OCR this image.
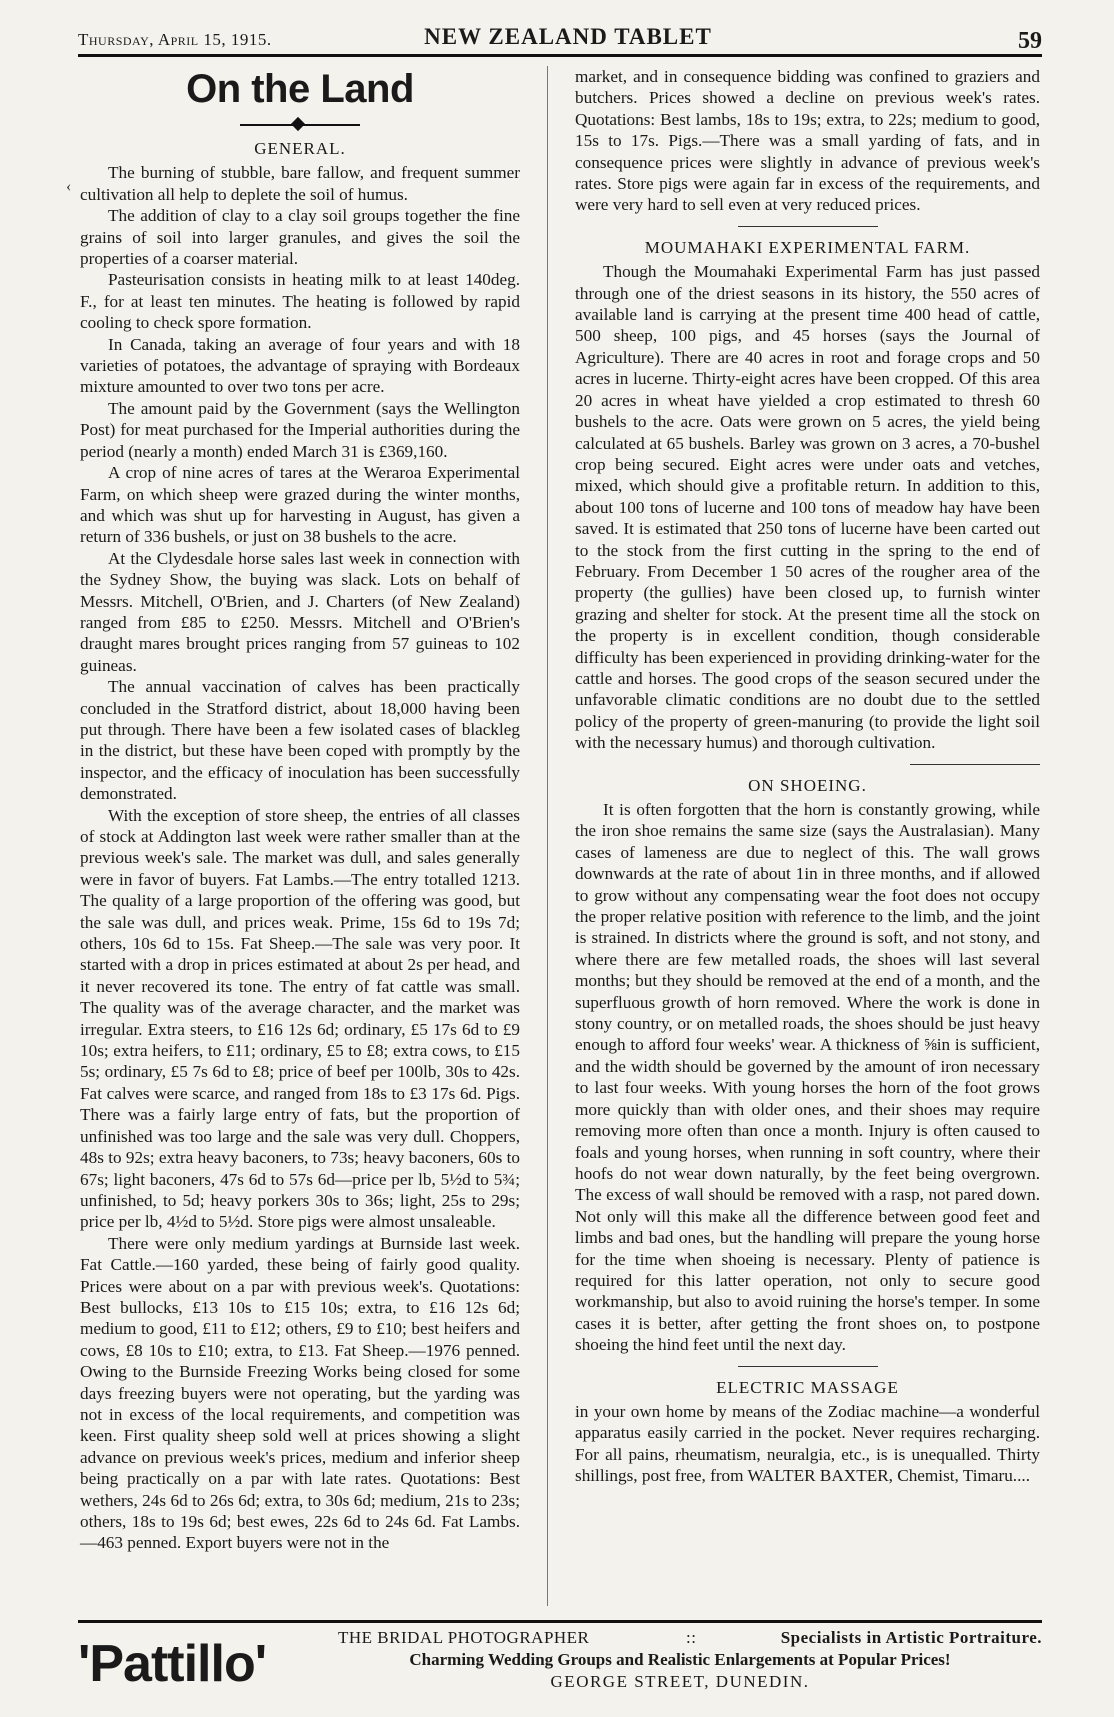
Thursday, April 15, 1915.	NEW ZEALAND TABLET	59
On the Land
GENERAL.

The burning of stubble, bare fallow, and frequent summer cultivation all help to deplete the soil of humus.

The addition of clay to a clay soil groups together the fine grains of soil into larger granules, and gives the soil the properties of a coarser material.

Pasteurisation consists in heating milk to at least 140deg. F., for at least ten minutes. The heating is followed by rapid cooling to check spore formation.

In Canada, taking an average of four years and with 18 varieties of potatoes, the advantage of spraying with Bordeaux mixture amounted to over two tons per acre.

The amount paid by the Government (says the Wellington Post) for meat purchased for the Imperial authorities during the period (nearly a month) ended March 31 is £369,160.

A crop of nine acres of tares at the Weraroa Experimental Farm, on which sheep were grazed during the winter months, and which was shut up for harvesting in August, has given a return of 336 bushels, or just on 38 bushels to the acre.

At the Clydesdale horse sales last week in connection with the Sydney Show, the buying was slack. Lots on behalf of Messrs. Mitchell, O'Brien, and J. Charters (of New Zealand) ranged from £85 to £250. Messrs. Mitchell and O'Brien's draught mares brought prices ranging from 57 guineas to 102 guineas.

The annual vaccination of calves has been practically concluded in the Stratford district, about 18,000 having been put through. There have been a few isolated cases of blackleg in the district, but these have been coped with promptly by the inspector, and the efficacy of inoculation has been successfully demonstrated.

With the exception of store sheep, the entries of all classes of stock at Addington last week were rather smaller than at the previous week's sale. The market was dull, and sales generally were in favor of buyers. Fat Lambs.—The entry totalled 1213. The quality of a large proportion of the offering was good, but the sale was dull, and prices weak. Prime, 15s 6d to 19s 7d; others, 10s 6d to 15s. Fat Sheep.—The sale was very poor. It started with a drop in prices estimated at about 2s per head, and it never recovered its tone. The entry of fat cattle was small. The quality was of the average character, and the market was irregular. Extra steers, to £16 12s 6d; ordinary, £5 17s 6d to £9 10s; extra heifers, to £11; ordinary, £5 to £8; extra cows, to £15 5s; ordinary, £5 7s 6d to £8; price of beef per 100lb, 30s to 42s. Fat calves were scarce, and ranged from 18s to £3 17s 6d. Pigs. There was a fairly large entry of fats, but the proportion of unfinished was too large and the sale was very dull. Choppers, 48s to 92s; extra heavy baconers, to 73s; heavy baconers, 60s to 67s; light baconers, 47s 6d to 57s 6d—price per lb, 5½d to 5¾; unfinished, to 5d; heavy porkers 30s to 36s; light, 25s to 29s; price per lb, 4½d to 5½d. Store pigs were almost unsaleable.

There were only medium yardings at Burnside last week. Fat Cattle.—160 yarded, these being of fairly good quality. Prices were about on a par with previous week's. Quotations: Best bullocks, £13 10s to £15 10s; extra, to £16 12s 6d; medium to good, £11 to £12; others, £9 to £10; best heifers and cows, £8 10s to £10; extra, to £13. Fat Sheep.—1976 penned. Owing to the Burnside Freezing Works being closed for some days freezing buyers were not operating, but the yarding was not in excess of the local requirements, and competition was keen. First quality sheep sold well at prices showing a slight advance on previous week's prices, medium and inferior sheep being practically on a par with late rates. Quotations: Best wethers, 24s 6d to 26s 6d; extra, to 30s 6d; medium, 21s to 23s; others, 18s to 19s 6d; best ewes, 22s 6d to 24s 6d. Fat Lambs.—463 penned. Export buyers were not in the

market, and in consequence bidding was confined to graziers and butchers. Prices showed a decline on previous week's rates. Quotations: Best lambs, 18s to 19s; extra, to 22s; medium to good, 15s to 17s. Pigs.—There was a small yarding of fats, and in consequence prices were slightly in advance of previous week's rates. Store pigs were again far in excess of the requirements, and were very hard to sell even at very reduced prices.

MOUMAHAKI EXPERIMENTAL FARM.

Though the Moumahaki Experimental Farm has just passed through one of the driest seasons in its history, the 550 acres of available land is carrying at the present time 400 head of cattle, 500 sheep, 100 pigs, and 45 horses (says the Journal of Agriculture). There are 40 acres in root and forage crops and 50 acres in lucerne. Thirty-eight acres have been cropped. Of this area 20 acres in wheat have yielded a crop estimated to thresh 60 bushels to the acre. Oats were grown on 5 acres, the yield being calculated at 65 bushels. Barley was grown on 3 acres, a 70-bushel crop being secured. Eight acres were under oats and vetches, mixed, which should give a profitable return. In addition to this, about 100 tons of lucerne and 100 tons of meadow hay have been saved. It is estimated that 250 tons of lucerne have been carted out to the stock from the first cutting in the spring to the end of February. From December 1 50 acres of the rougher area of the property (the gullies) have been closed up, to furnish winter grazing and shelter for stock. At the present time all the stock on the property is in excellent condition, though considerable difficulty has been experienced in providing drinking-water for the cattle and horses. The good crops of the season secured under the unfavorable climatic conditions are no doubt due to the settled policy of the property of green-manuring (to provide the light soil with the necessary humus) and thorough cultivation.

ON SHOEING.

It is often forgotten that the horn is constantly growing, while the iron shoe remains the same size (says the Australasian). Many cases of lameness are due to neglect of this. The wall grows downwards at the rate of about 1in in three months, and if allowed to grow without any compensating wear the foot does not occupy the proper relative position with reference to the limb, and the joint is strained. In districts where the ground is soft, and not stony, and where there are few metalled roads, the shoes will last several months; but they should be removed at the end of a month, and the superfluous growth of horn removed. Where the work is done in stony country, or on metalled roads, the shoes should be just heavy enough to afford four weeks' wear. A thickness of ⅝in is sufficient, and the width should be governed by the amount of iron necessary to last four weeks. With young horses the horn of the foot grows more quickly than with older ones, and their shoes may require removing more often than once a month. Injury is often caused to foals and young horses, when running in soft country, where their hoofs do not wear down naturally, by the feet being overgrown. The excess of wall should be removed with a rasp, not pared down. Not only will this make all the difference between good feet and limbs and bad ones, but the handling will prepare the young horse for the time when shoeing is necessary. Plenty of patience is required for this latter operation, not only to secure good workmanship, but also to avoid ruining the horse's temper. In some cases it is better, after getting the front shoes on, to postpone shoeing the hind feet until the next day.

ELECTRIC MASSAGE

in your own home by means of the Zodiac machine—a wonderful apparatus easily carried in the pocket. Never requires recharging. For all pains, rheumatism, neuralgia, etc., is is unequalled. Thirty shillings, post free, from WALTER BAXTER, Chemist, Timaru....

'Pattillo'	THE BRIDAL PHOTOGRAPHER	::	Specialists in Artistic Portraiture.
Charming Wedding Groups and Realistic Enlargements at Popular Prices!
GEORGE STREET, DUNEDIN.
‹
